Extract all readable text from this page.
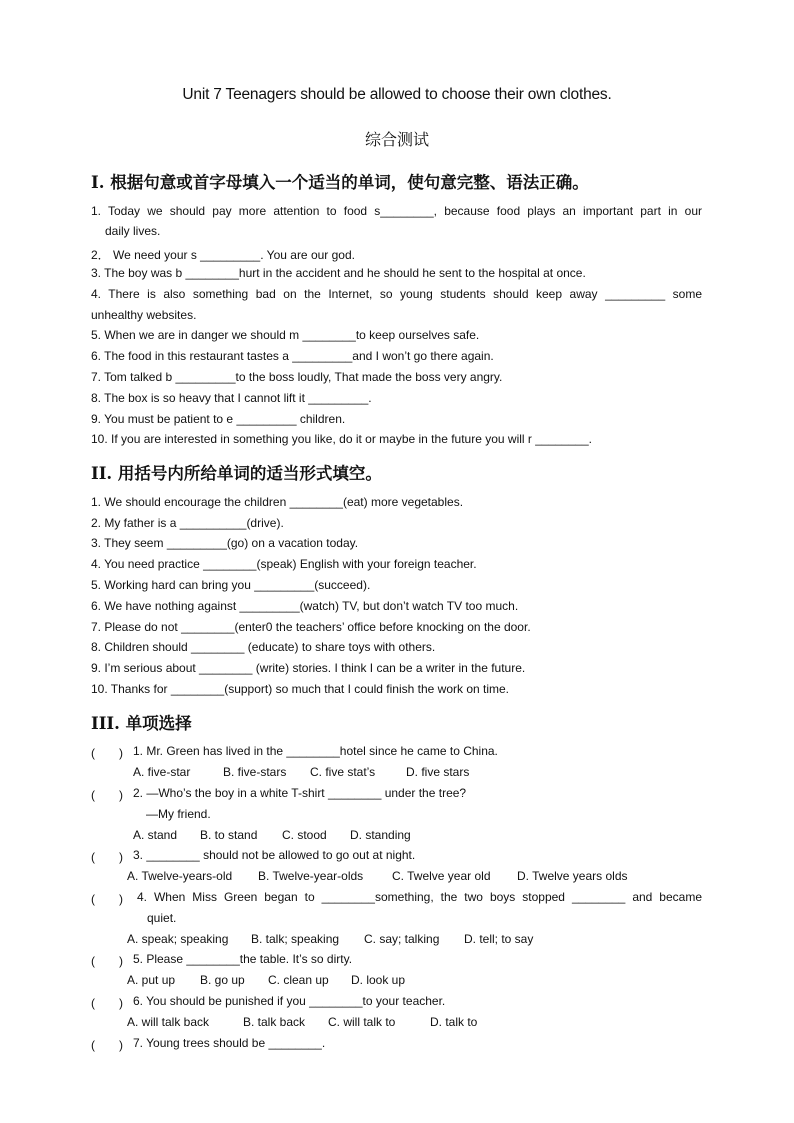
Unit 7 Teenagers should be allowed to choose their own clothes.
综合测试
I. 根据句意或首字母填入一个适当的单词，使句意完整、语法正确。
1. Today we should pay more attention to food s________, because food plays an important part in our
daily lives.
2． We need your s _________. You are our god.
3. The boy was b ________hurt in the accident and he should he sent to the hospital at once.
4. There is also something bad on the Internet, so young students should keep away _________ some
unhealthy websites.
5. When we are in danger we should m ________to keep ourselves safe.
6. The food in this restaurant tastes a _________and I won’t go there again.
7. Tom talked b _________to the boss loudly, That made the boss very angry.
8. The box is so heavy that I cannot lift it _________.
9. You must be patient to e _________ children.
10. If you are interested in something you like, do it or maybe in the future you will r ________.
II. 用括号内所给单词的适当形式填空。
1. We should encourage the children ________(eat) more vegetables.
2. My father is a __________(drive).
3. They seem _________(go) on a vacation today.
4. You need practice ________(speak) English with your foreign teacher.
5. Working hard can bring you _________(succeed).
6. We have nothing against _________(watch) TV, but don’t watch TV too much.
7. Please do not ________(enter0 the teachers’ office before knocking on the door.
8. Children should ________ (educate) to share toys with others.
9. I’m serious about ________ (write) stories. I think I can be a writer in the future.
10. Thanks for ________(support) so much that I could finish the work on time.
III. 单项选择
(　　) 1. Mr. Green has lived in the ________hotel since he came to China.
A. five-star	B. five-stars C. five stat’s	D. five stars
(　　) 2. —Who’s the boy in a white T-shirt ________ under the tree?
—My friend.
A. stand B. to stand C. stood D. standing
(　　) 3. ________ should not be allowed to go out at night.
A. Twelve-years-old B. Twelve-year-olds C. Twelve year old D. Twelve years olds
(　　) 4. When Miss Green began to ________something, the two boys stopped ________ and became
quiet.
A. speak; speaking B. talk; speaking C. say; talking D. tell; to say
(　　) 5. Please ________the table. It’s so dirty.
A. put up B. go up C. clean up D. look up
(　　) 6. You should be punished if you ________to your teacher.
A. will talk back	B. talk back C. will talk to	D. talk to
(　　) 7. Young trees should be ________.
